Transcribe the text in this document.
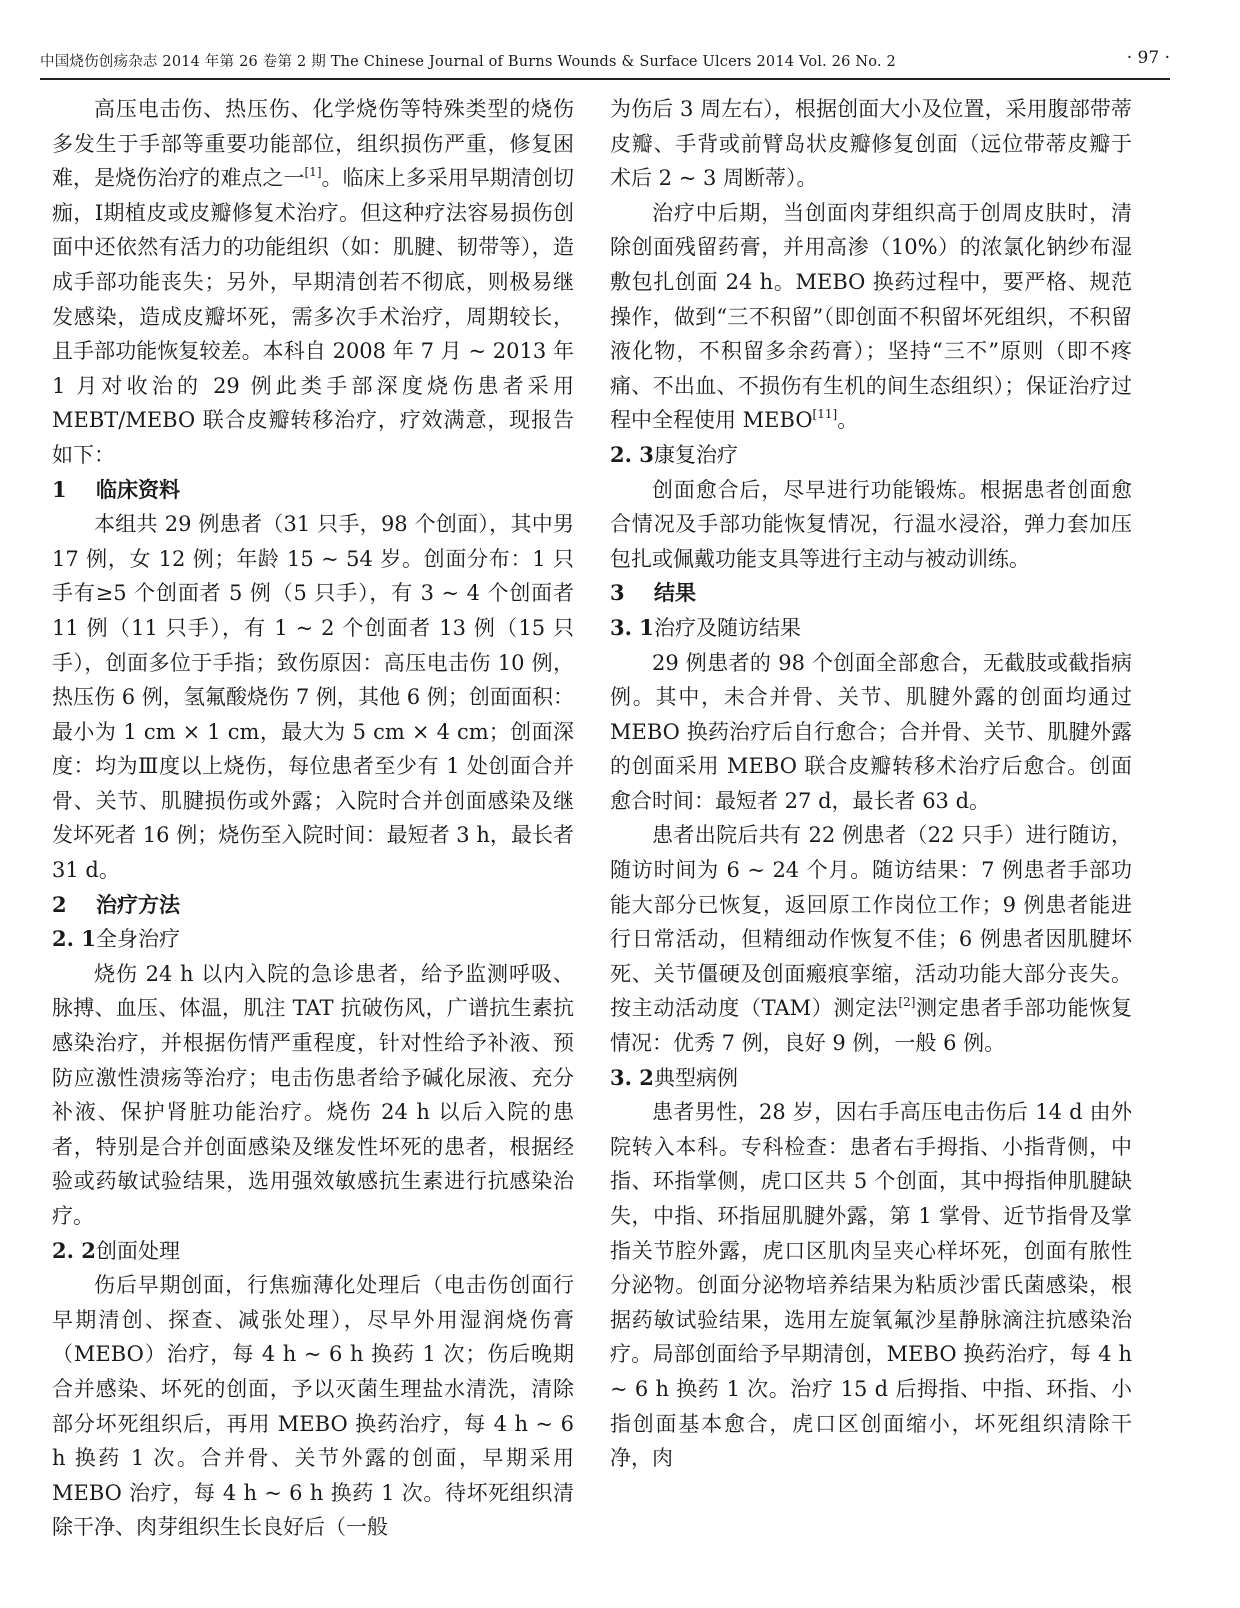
中国烧伤创疡杂志 2014 年第 26 卷第 2 期 The Chinese Journal of Burns Wounds & Surface Ulcers 2014 Vol. 26 No. 2	· 97 ·

高压电击伤、热压伤、化学烧伤等特殊类型的烧伤多发生于手部等重要功能部位，组织损伤严重，修复困难，是烧伤治疗的难点之一[1]。临床上多采用早期清创切痂，Ⅰ期植皮或皮瓣修复术治疗。但这种疗法容易损伤创面中还依然有活力的功能组织（如：肌腱、韧带等），造成手部功能丧失；另外，早期清创若不彻底，则极易继发感染，造成皮瓣坏死，需多次手术治疗，周期较长，且手部功能恢复较差。本科自 2008 年 7 月 ~ 2013 年 1 月对收治的 29 例此类手部深度烧伤患者采用 MEBT/MEBO 联合皮瓣转移治疗，疗效满意，现报告如下：

1 临床资料

本组共 29 例患者（31 只手，98 个创面），其中男 17 例，女 12 例；年龄 15 ~ 54 岁。创面分布：1 只手有≥5 个创面者 5 例（5 只手），有 3 ~ 4 个创面者 11 例（11 只手），有 1 ~ 2 个创面者 13 例（15 只手），创面多位于手指；致伤原因：高压电击伤 10 例，热压伤 6 例，氢氟酸烧伤 7 例，其他 6 例；创面面积：最小为 1 cm × 1 cm，最大为 5 cm × 4 cm；创面深度：均为Ⅲ度以上烧伤，每位患者至少有 1 处创面合并骨、关节、肌腱损伤或外露；入院时合并创面感染及继发坏死者 16 例；烧伤至入院时间：最短者 3 h，最长者 31 d。

2 治疗方法
2. 1全身治疗

烧伤 24 h 以内入院的急诊患者，给予监测呼吸、脉搏、血压、体温，肌注 TAT 抗破伤风，广谱抗生素抗感染治疗，并根据伤情严重程度，针对性给予补液、预防应激性溃疡等治疗；电击伤患者给予碱化尿液、充分补液、保护肾脏功能治疗。烧伤 24 h 以后入院的患者，特别是合并创面感染及继发性坏死的患者，根据经验或药敏试验结果，选用强效敏感抗生素进行抗感染治疗。

2. 2创面处理

伤后早期创面，行焦痂薄化处理后（电击伤创面行早期清创、探查、减张处理），尽早外用湿润烧伤膏（MEBO）治疗，每 4 h ~ 6 h 换药 1 次；伤后晚期合并感染、坏死的创面，予以灭菌生理盐水清洗，清除部分坏死组织后，再用 MEBO 换药治疗，每 4 h ~ 6 h 换药 1 次。合并骨、关节外露的创面，早期采用 MEBO 治疗，每 4 h ~ 6 h 换药 1 次。待坏死组织清除干净、肉芽组织生长良好后（一般

为伤后 3 周左右），根据创面大小及位置，采用腹部带蒂皮瓣、手背或前臂岛状皮瓣修复创面（远位带蒂皮瓣于术后 2 ~ 3 周断蒂）。

治疗中后期，当创面肉芽组织高于创周皮肤时，清除创面残留药膏，并用高渗（10%）的浓氯化钠纱布湿敷包扎创面 24 h。MEBO 换药过程中，要严格、规范操作，做到“三不积留”（即创面不积留坏死组织，不积留液化物，不积留多余药膏）；坚持“三不”原则（即不疼痛、不出血、不损伤有生机的间生态组织）；保证治疗过程中全程使用 MEBO[11]。

2. 3康复治疗

创面愈合后，尽早进行功能锻炼。根据患者创面愈合情况及手部功能恢复情况，行温水浸浴，弹力套加压包扎或佩戴功能支具等进行主动与被动训练。

3 结果
3. 1治疗及随访结果

29 例患者的 98 个创面全部愈合，无截肢或截指病例。其中，未合并骨、关节、肌腱外露的创面均通过 MEBO 换药治疗后自行愈合；合并骨、关节、肌腱外露的创面采用 MEBO 联合皮瓣转移术治疗后愈合。创面愈合时间：最短者 27 d，最长者 63 d。

患者出院后共有 22 例患者（22 只手）进行随访，随访时间为 6 ~ 24 个月。随访结果：7 例患者手部功能大部分已恢复，返回原工作岗位工作；9 例患者能进行日常活动，但精细动作恢复不佳；6 例患者因肌腱坏死、关节僵硬及创面瘢痕挛缩，活动功能大部分丧失。按主动活动度（TAM）测定法[2]测定患者手部功能恢复情况：优秀 7 例，良好 9 例，一般 6 例。

3. 2典型病例

患者男性，28 岁，因右手高压电击伤后 14 d 由外院转入本科。专科检查：患者右手拇指、小指背侧，中指、环指掌侧，虎口区共 5 个创面，其中拇指伸肌腱缺失，中指、环指屈肌腱外露，第 1 掌骨、近节指骨及掌指关节腔外露，虎口区肌肉呈夹心样坏死，创面有脓性分泌物。创面分泌物培养结果为粘质沙雷氏菌感染，根据药敏试验结果，选用左旋氧氟沙星静脉滴注抗感染治疗。局部创面给予早期清创，MEBO 换药治疗，每 4 h ~ 6 h 换药 1 次。治疗 15 d 后拇指、中指、环指、小指创面基本愈合，虎口区创面缩小，坏死组织清除干净，肉
